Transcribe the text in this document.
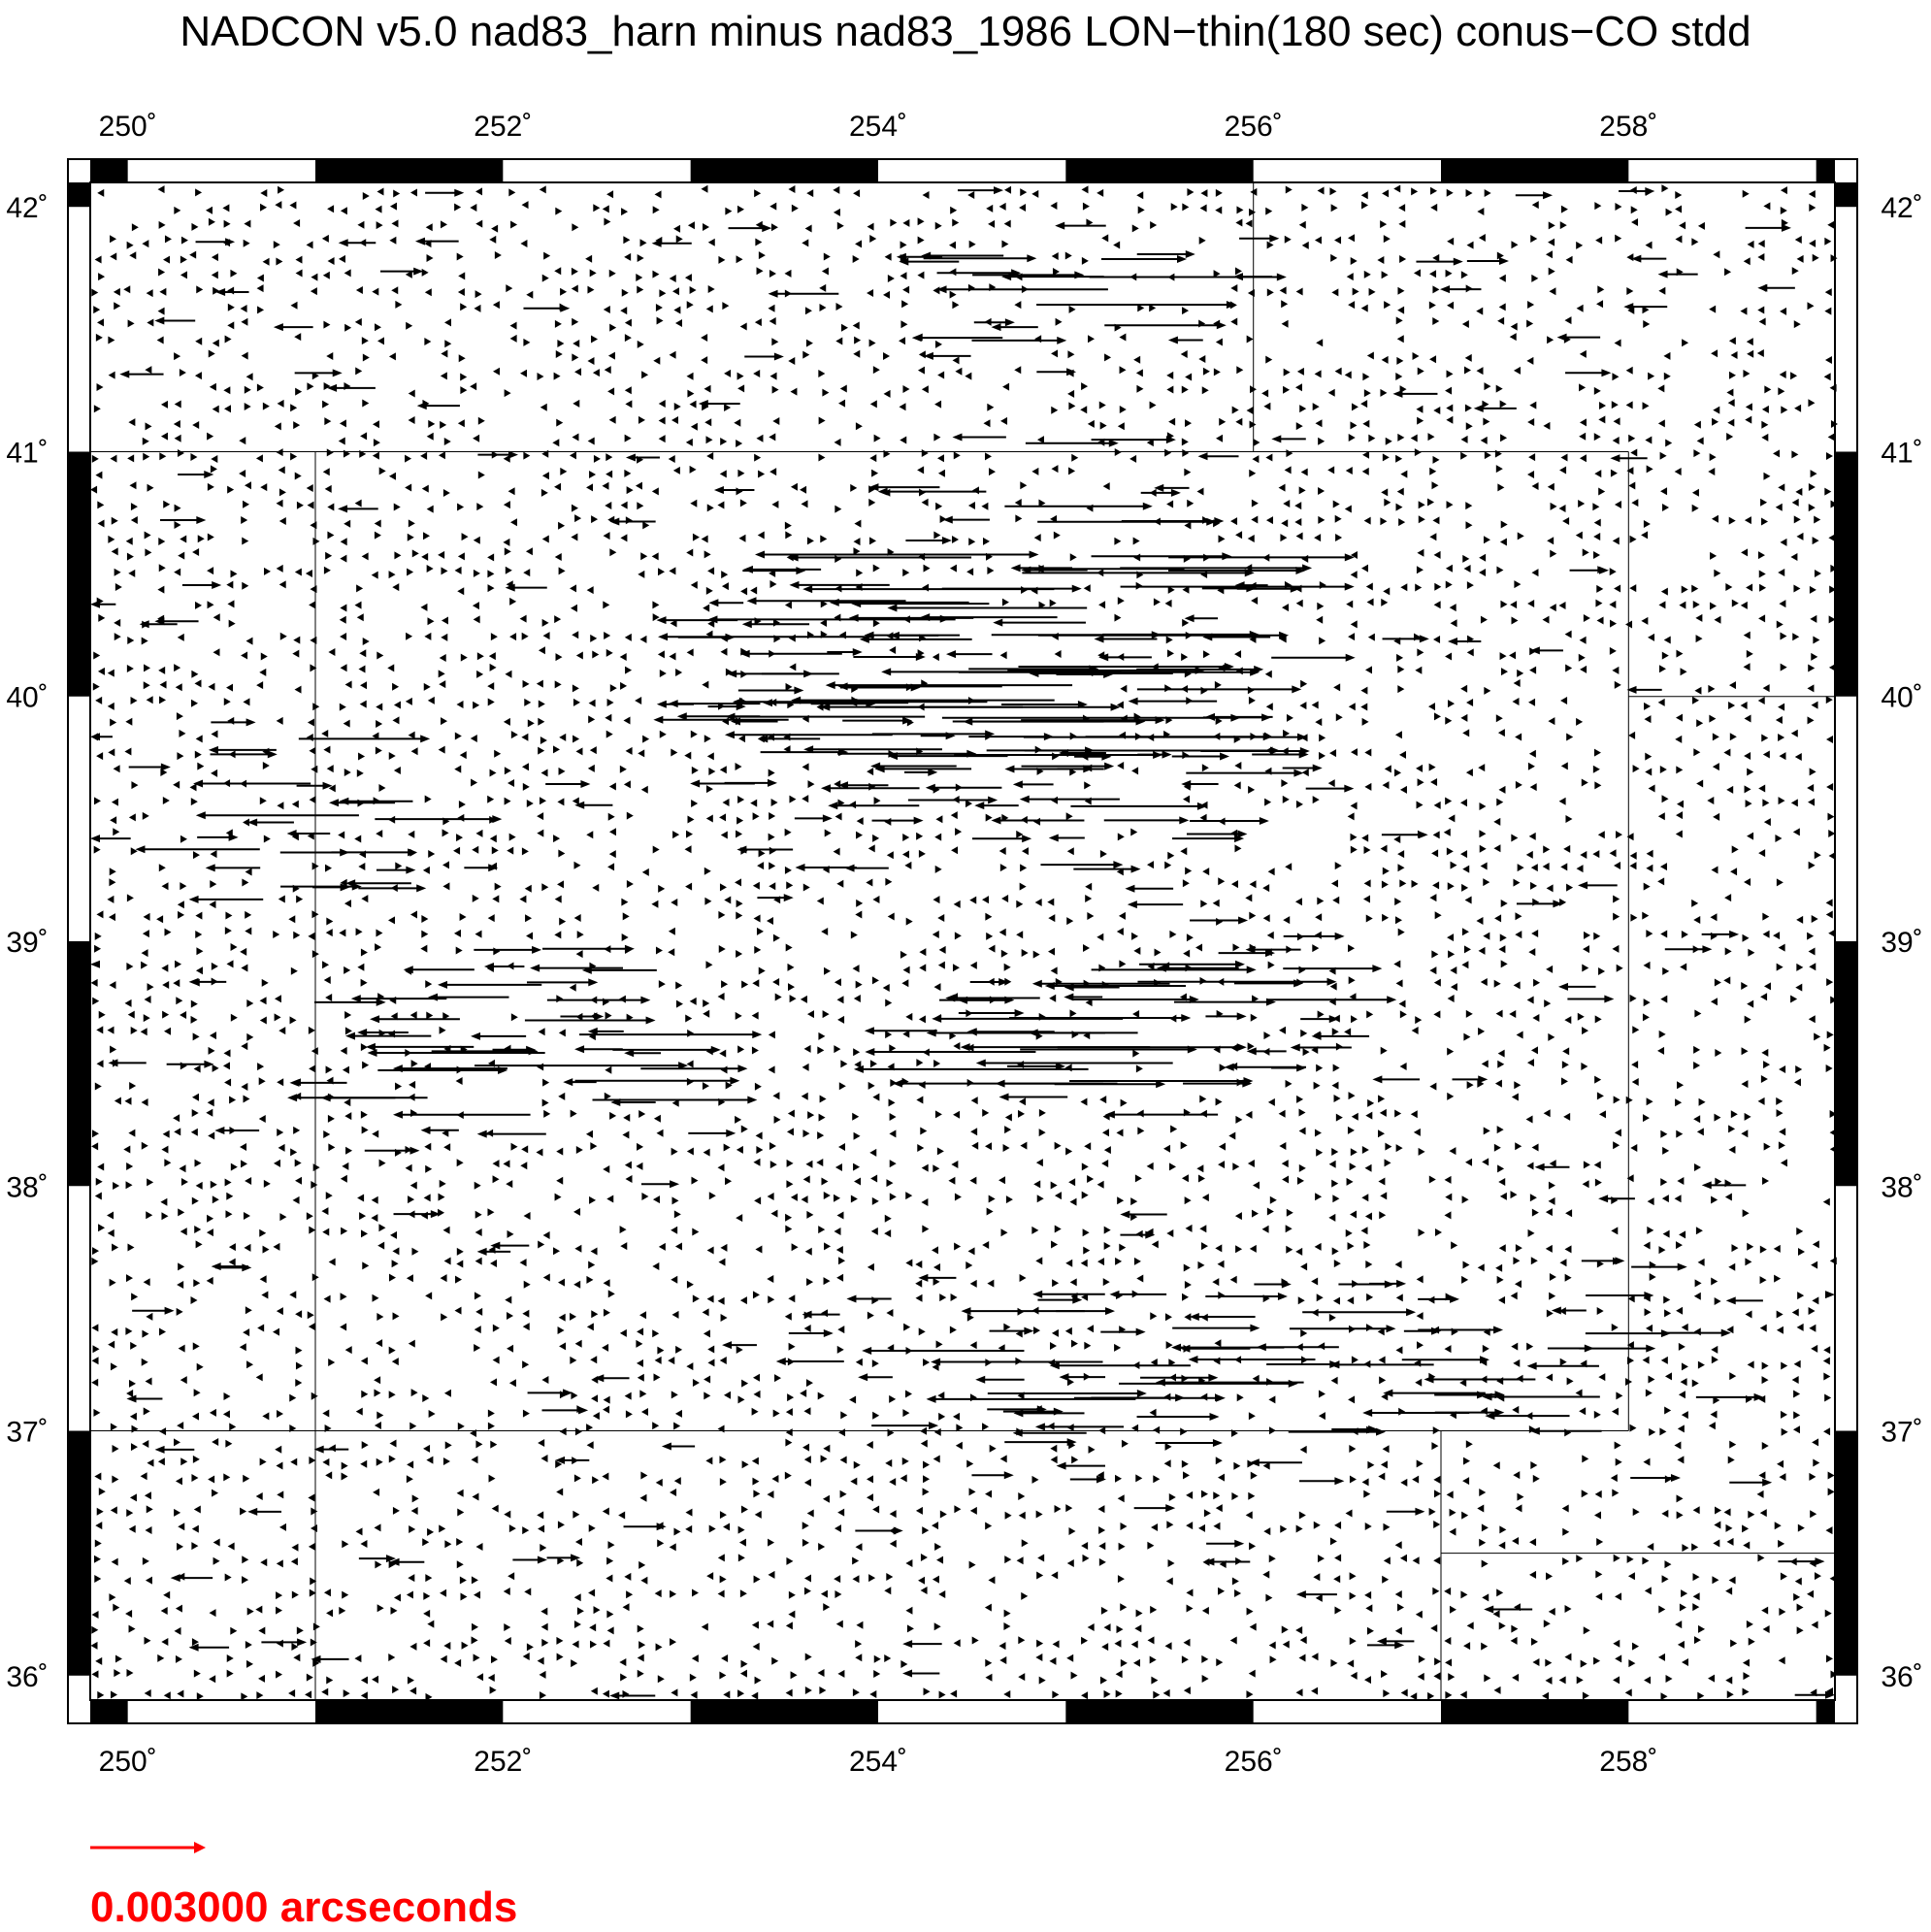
NADCON v5.0 nad83_harn minus nad83_1986 LON−thin(180 sec) conus−CO stdd
250˚	252˚	254˚	256˚	258˚
250˚	252˚	254˚	256˚	258˚
42˚
41˚
40˚
39˚
38˚
37˚
36˚
42˚
41˚
40˚
39˚
38˚
37˚
36˚
0.003000 arcseconds
